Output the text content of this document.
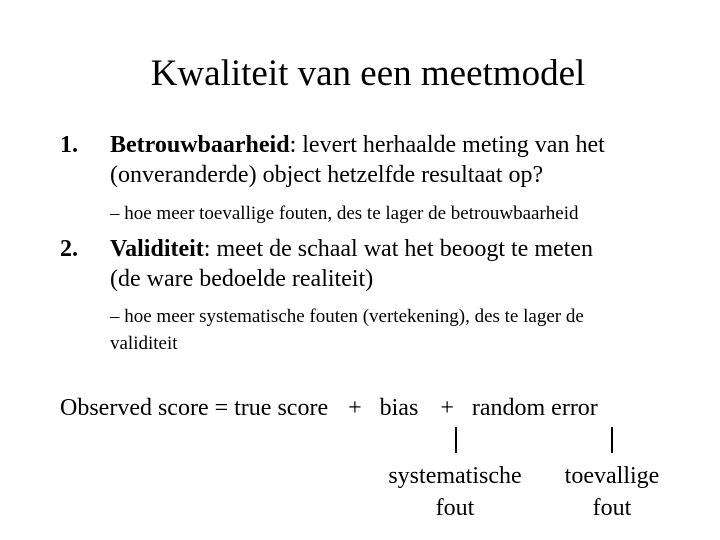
Kwaliteit van een meetmodel
1. Betrouwbaarheid: levert herhaalde meting van het
(onveranderde) object hetzelfde resultaat op?
– hoe meer toevallige fouten, des te lager de betrouwbaarheid
2. Validiteit: meet de schaal wat het beoogt te meten
(de ware bedoelde realiteit)
– hoe meer systematische fouten (vertekening), des te lager de
validiteit
Observed score = true score + bias + random error
systematische
fout
toevallige
fout
